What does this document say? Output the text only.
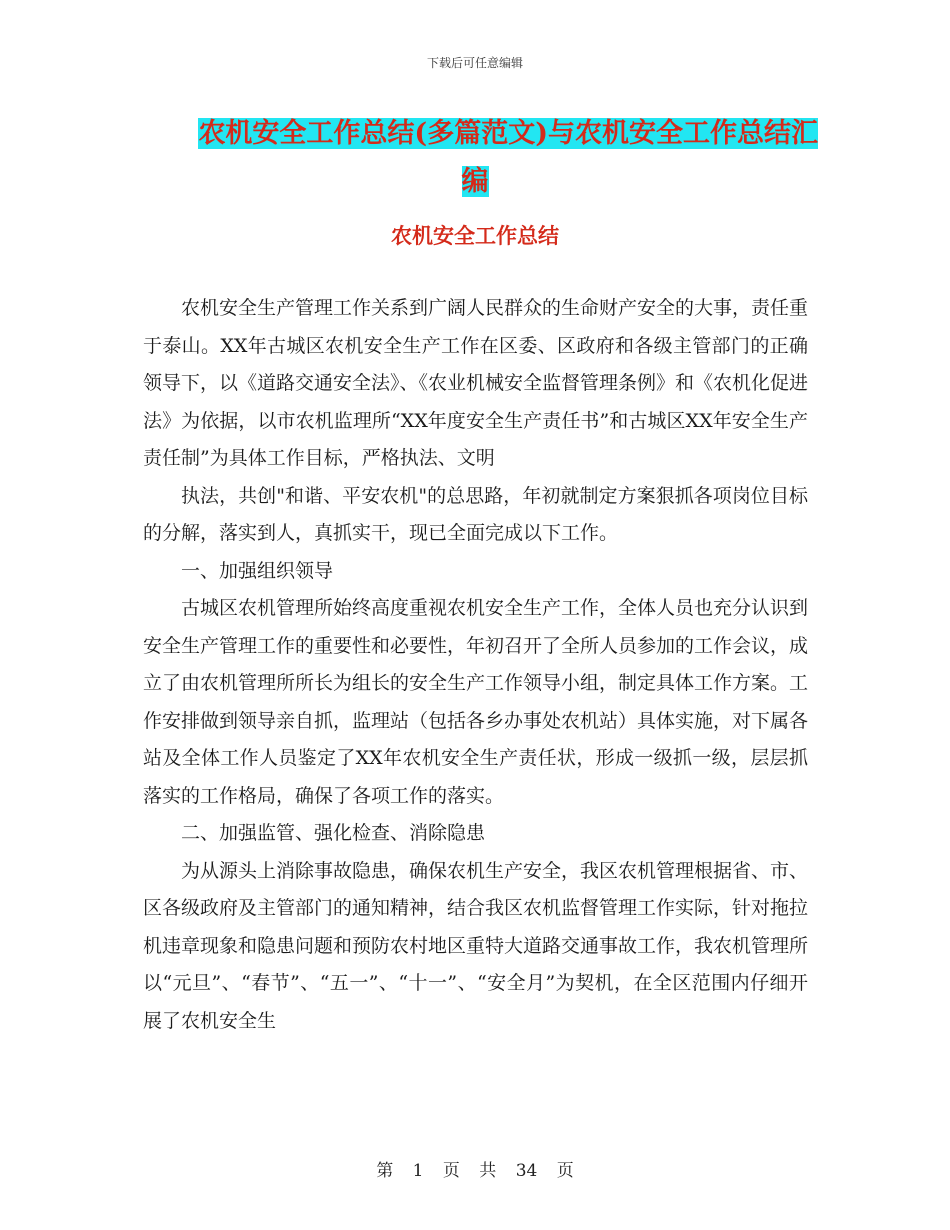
下载后可任意编辑
农机安全工作总结(多篇范文)与农机安全工作总结汇
编
农机安全工作总结

农机安全生产管理工作关系到广阔人民群众的生命财产安全的大事，责任重于泰山。XX年古城区农机安全生产工作在区委、区政府和各级主管部门的正确领导下，以《道路交通安全法》、《农业机械安全监督管理条例》和《农机化促进法》为依据，以市农机监理所“XX年度安全生产责任书”和古城区XX年安全生产责任制”为具体工作目标，严格执法、文明

执法，共创"和谐、平安农机"的总思路，年初就制定方案狠抓各项岗位目标的分解，落实到人，真抓实干，现已全面完成以下工作。

一、加强组织领导

古城区农机管理所始终高度重视农机安全生产工作，全体人员也充分认识到安全生产管理工作的重要性和必要性，年初召开了全所人员参加的工作会议，成立了由农机管理所所长为组长的安全生产工作领导小组，制定具体工作方案。工作安排做到领导亲自抓，监理站（包括各乡办事处农机站）具体实施，对下属各站及全体工作人员鉴定了XX年农机安全生产责任状，形成一级抓一级，层层抓落实的工作格局，确保了各项工作的落实。

二、加强监管、强化检查、消除隐患

为从源头上消除事故隐患，确保农机生产安全，我区农机管理根据省、市、区各级政府及主管部门的通知精神，结合我区农机监督管理工作实际，针对拖拉机违章现象和隐患问题和预防农村地区重特大道路交通事故工作，我农机管理所以“元旦”、“春节”、“五一”、“十一”、“安全月”为契机，在全区范围内仔细开展了农机安全生

第 1 页 共 34 页
